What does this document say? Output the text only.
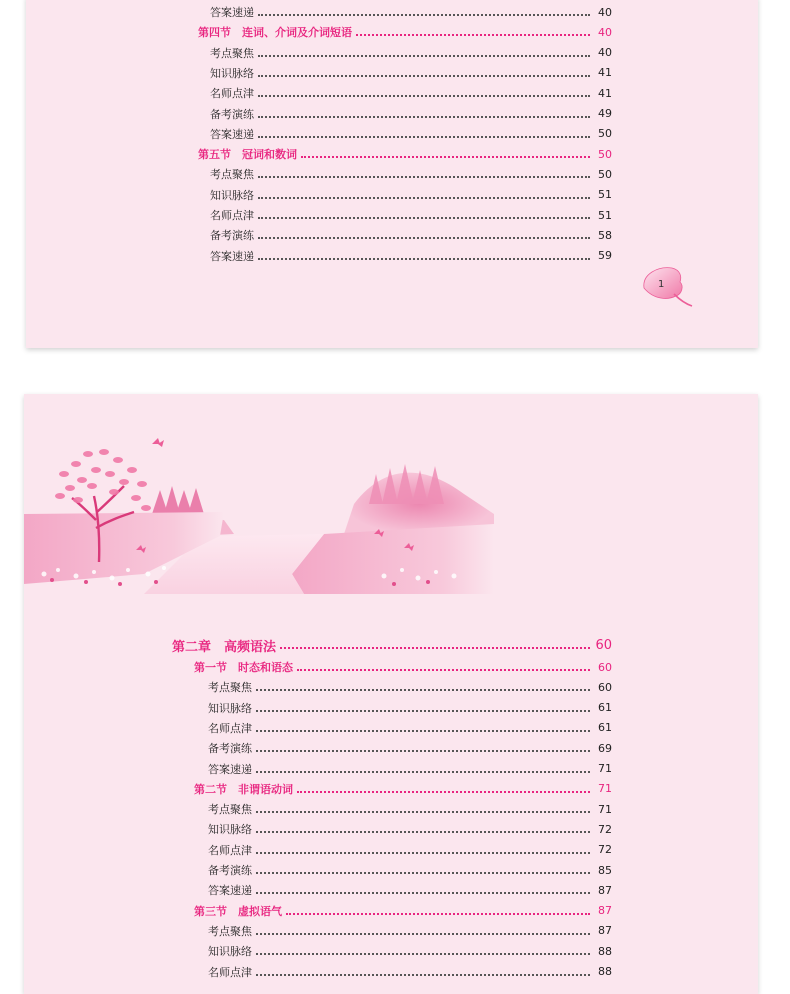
答案速递	40
第四节　连词、介词及介词短语	40
考点聚焦	40
知识脉络	41
名师点津	41
备考演练	49
答案速递	50
第五节　冠词和数词	50
考点聚焦	50
知识脉络	51
名师点津	51
备考演练	58
答案速递	59
1
第二章　高频语法	60
第一节　时态和语态	60
考点聚焦	60
知识脉络	61
名师点津	61
备考演练	69
答案速递	71
第二节　非谓语动词	71
考点聚焦	71
知识脉络	72
名师点津	72
备考演练	85
答案速递	87
第三节　虚拟语气	87
考点聚焦	87
知识脉络	88
名师点津	88
